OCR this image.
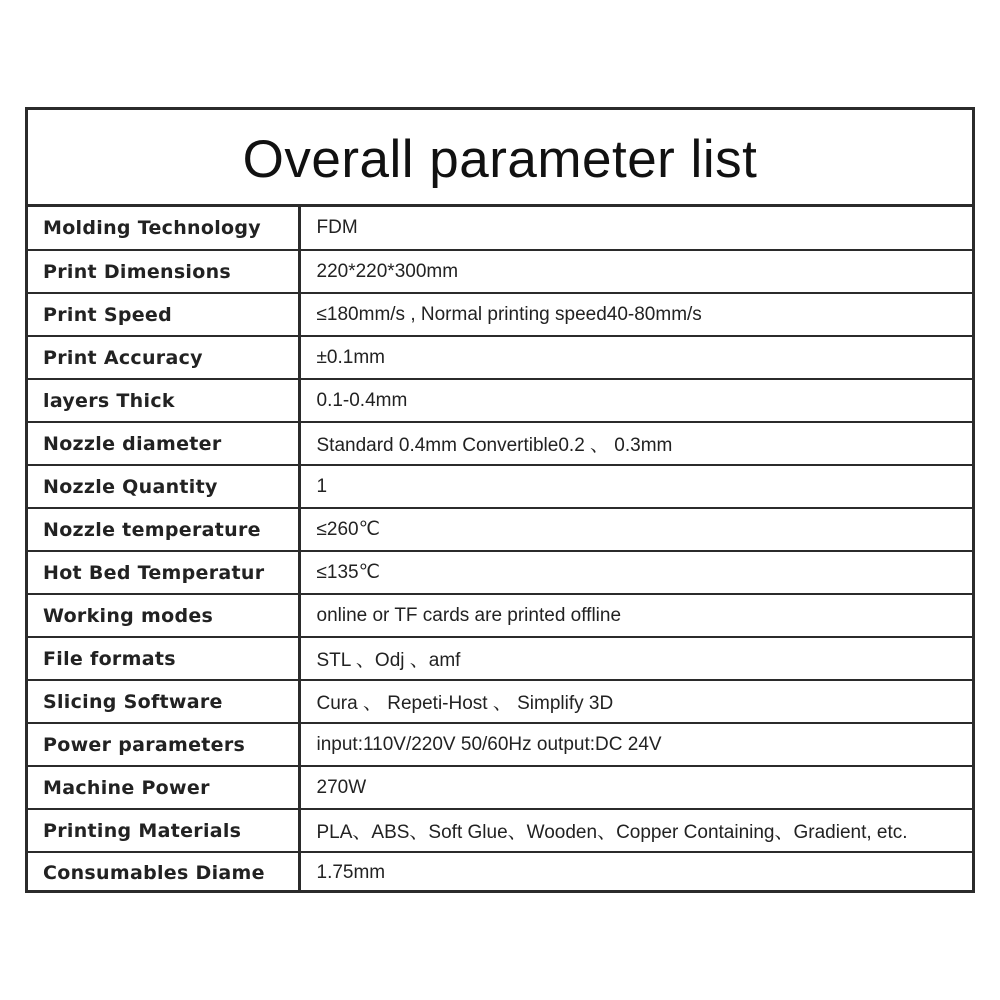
Overall parameter list
Molding Technology	FDM
Print Dimensions	220*220*300mm
Print Speed	≤180mm/s , Normal printing speed40-80mm/s
Print Accuracy	±0.1mm
layers Thick	0.1-0.4mm
Nozzle diameter	Standard 0.4mm Convertible0.2 、 0.3mm
Nozzle Quantity	1
Nozzle temperature	≤260℃
Hot Bed Temperatur	≤135℃
Working modes	online or TF cards are printed offline
File formats	STL 、Odj 、amf
Slicing Software	Cura 、 Repeti-Host 、 Simplify 3D
Power parameters	input:110V/220V 50/60Hz output:DC 24V
Machine Power	270W
Printing Materials	PLA、ABS、Soft Glue、Wooden、Copper Containing、Gradient, etc.
Consumables Diame	1.75mm
